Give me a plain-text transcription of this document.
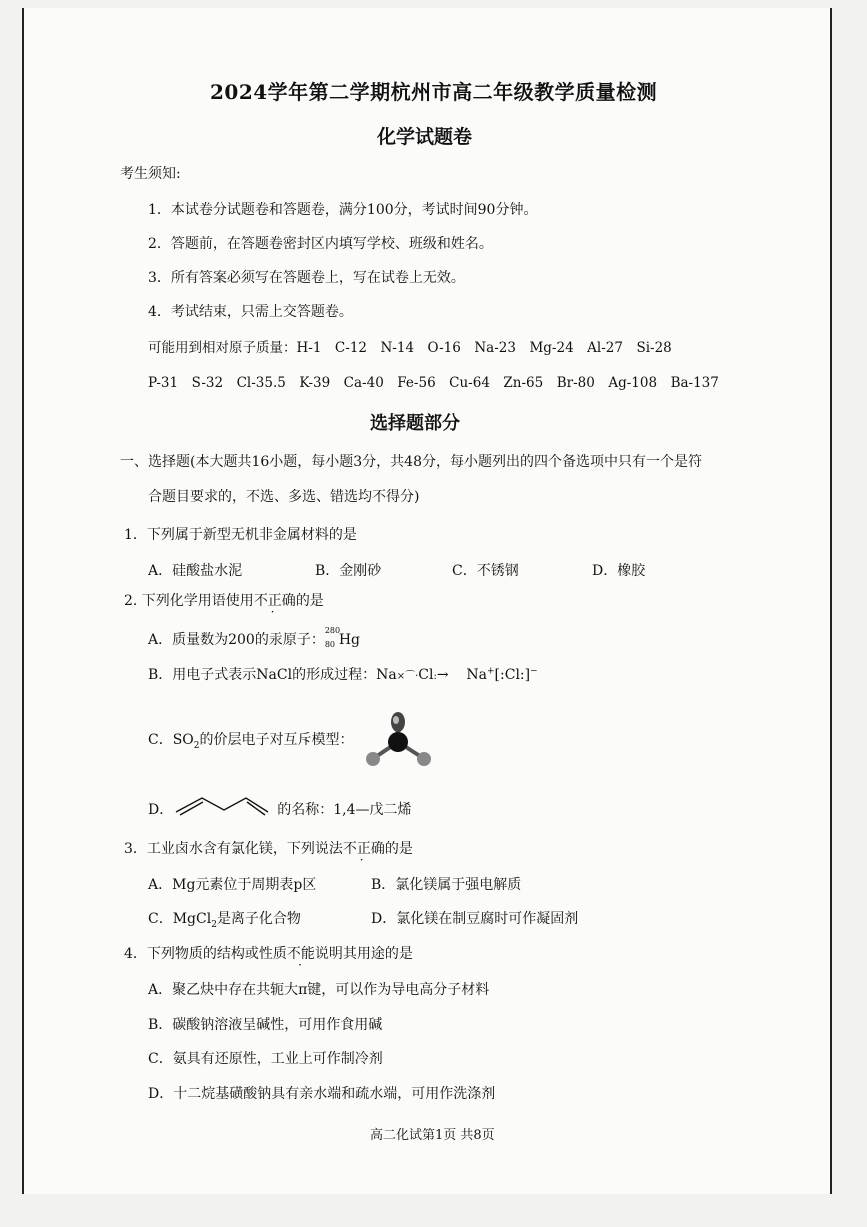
2024学年第二学期杭州市高二年级教学质量检测
化学试题卷
考生须知:
1．本试卷分试题卷和答题卷，满分100分，考试时间90分钟。
2．答题前，在答题卷密封区内填写学校、班级和姓名。
3．所有答案必须写在答题卷上，写在试卷上无效。
4．考试结束，只需上交答题卷。
可能用到相对原子质量：H-1　C-12　N-14　O-16　Na-23　Mg-24　Al-27　Si-28
P-31　S-32　Cl-35.5　K-39　Ca-40　Fe-56　Cu-64　Zn-65　Br-80　Ag-108　Ba-137
选择题部分
一、选择题(本大题共16小题，每小题3分，共48分，每小题列出的四个备选项中只有一个是符
合题目要求的，不选、多选、错选均不得分)
1．下列属于新型无机非金属材料的是
A．硅酸盐水泥	B．金刚砂	C．不锈钢	D．橡胶
2. 下列化学用语使用不正确的是
A．质量数为200的汞原子：
280
80 Hg
B．用电子式表示NaCl的形成过程：Na×⌒·Cl:→ Na+[:Cl:]−
C．$SO_2$的价层电子对互斥模型：
D．	的名称：1,4—戊二烯
3．工业卤水含有氯化镁，下列说法不正确的是
A．Mg元素位于周期表p区	B．氯化镁属于强电解质
C．MgCl$_2$是离子化合物	D．氯化镁在制豆腐时可作凝固剂
4．下列物质的结构或性质不能说明其用途的是
A．聚乙炔中存在共轭大π键，可以作为导电高分子材料
B．碳酸钠溶液呈碱性，可用作食用碱
C．氨具有还原性，工业上可作制冷剂
D．十二烷基磺酸钠具有亲水端和疏水端，可用作洗涤剂
高二化试第1页 共8页
